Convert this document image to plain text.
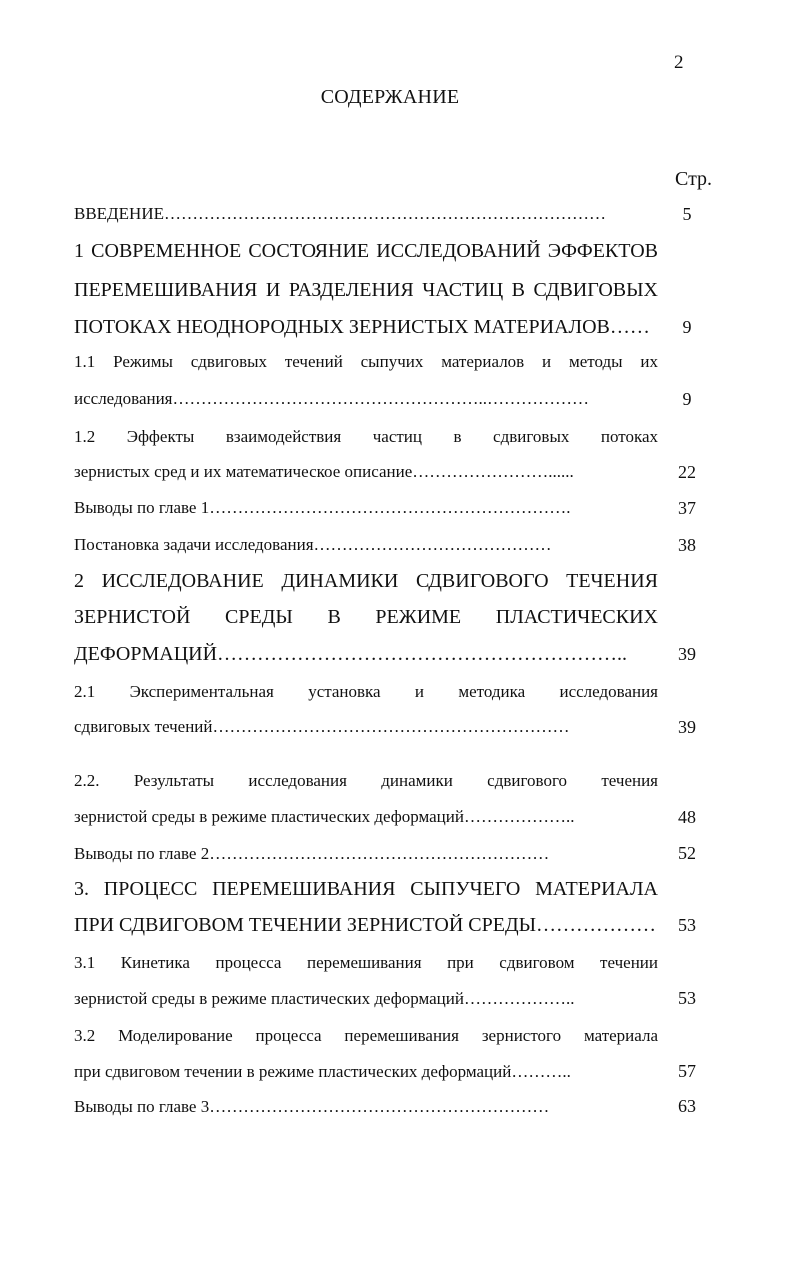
2
СОДЕРЖАНИЕ
Стр.
ВВЕДЕНИЕ……………………………………………………………………	5
1 СОВРЕМЕННОЕ СОСТОЯНИЕ ИССЛЕДОВАНИЙ ЭФФЕКТОВ
ПЕРЕМЕШИВАНИЯ И РАЗДЕЛЕНИЯ ЧАСТИЦ В СДВИГОВЫХ
ПОТОКАХ НЕОДНОРОДНЫХ ЗЕРНИСТЫХ МАТЕРИАЛОВ……	9
1.1 Режимы сдвиговых течений сыпучих материалов и методы их
исследования………………………………………………..………………	9
1.2 Эффекты взаимодействия частиц в сдвиговых потоках
зернистых сред и их математическое описание……………………......	22
Выводы по главе 1……………………………………………………….	37
Постановка задачи исследования……………………………………	38
2 ИССЛЕДОВАНИЕ ДИНАМИКИ СДВИГОВОГО ТЕЧЕНИЯ
ЗЕРНИСТОЙ СРЕДЫ В РЕЖИМЕ ПЛАСТИЧЕСКИХ
ДЕФОРМАЦИЙ……………………………………………………..	39
2.1 Экспериментальная установка и методика исследования
сдвиговых течений………………………………………………………	39
2.2. Результаты исследования динамики сдвигового течения
зернистой среды в режиме пластических деформаций………………..	48
Выводы по главе 2……………………………………………………	52
3. ПРОЦЕСС ПЕРЕМЕШИВАНИЯ СЫПУЧЕГО МАТЕРИАЛА
ПРИ СДВИГОВОМ ТЕЧЕНИИ ЗЕРНИСТОЙ СРЕДЫ………………	53
3.1 Кинетика процесса перемешивания при сдвиговом течении
зернистой среды в режиме пластических деформаций………………..	53
3.2 Моделирование процесса перемешивания зернистого материала
при сдвиговом течении в режиме пластических деформаций………..	57
Выводы по главе 3……………………………………………………	63
